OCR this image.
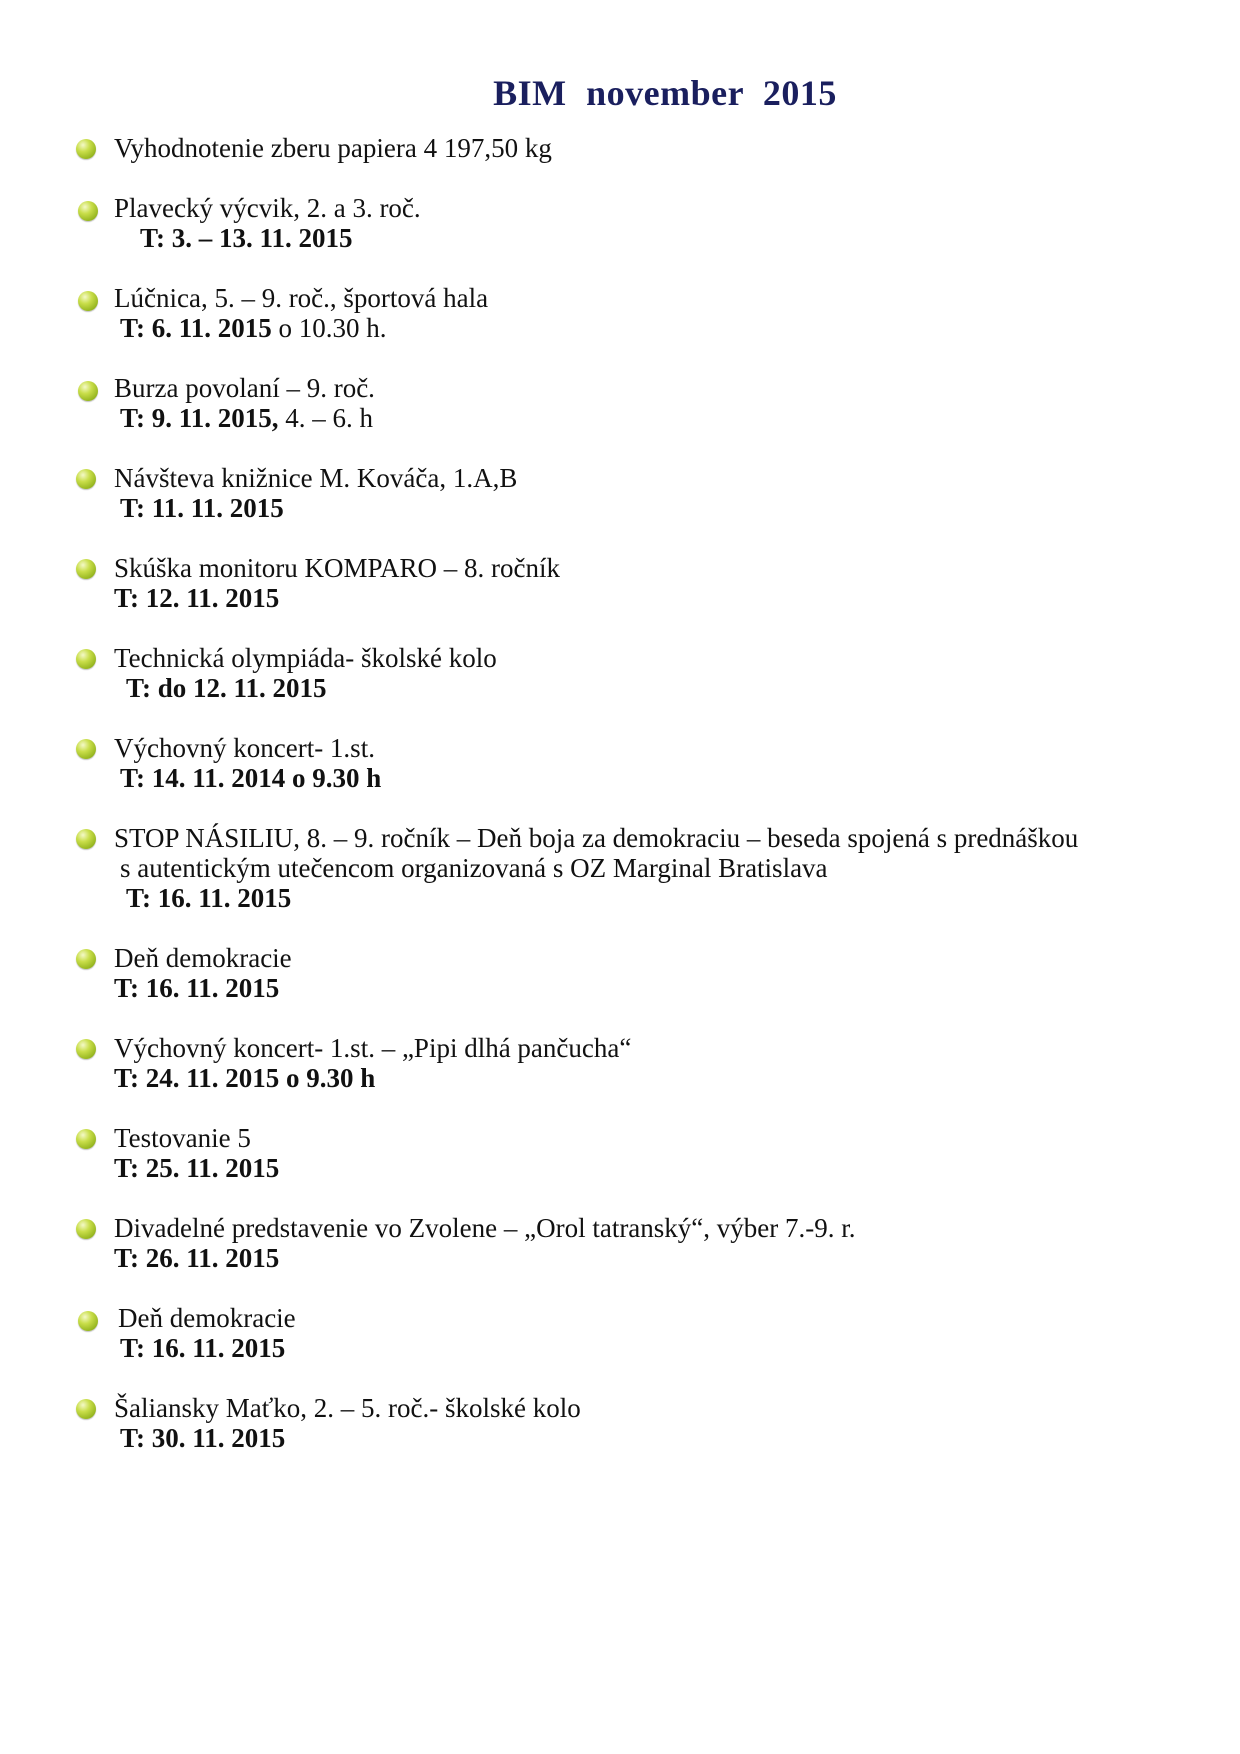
BIM november 2015
Vyhodnotenie zberu papiera 4 197,50 kg
Plavecký výcvik, 2. a 3. roč.
T: 3. – 13. 11. 2015
Lúčnica, 5. – 9. roč., športová hala
T: 6. 11. 2015 o 10.30 h.
Burza povolaní – 9. roč.
T: 9. 11. 2015, 4. – 6. h
Návšteva knižnice M. Kováča, 1.A,B
T: 11. 11. 2015
Skúška monitoru KOMPARO – 8. ročník
T: 12. 11. 2015
Technická olympiáda- školské kolo
T: do 12. 11. 2015
Výchovný koncert- 1.st.
T: 14. 11. 2014 o 9.30 h
STOP NÁSILIU, 8. – 9. ročník – Deň boja za demokraciu – beseda spojená s prednáškou
s autentickým utečencom organizovaná s OZ Marginal Bratislava
T: 16. 11. 2015
Deň demokracie
T: 16. 11. 2015
Výchovný koncert- 1.st. – „Pipi dlhá pančucha“
T: 24. 11. 2015 o 9.30 h
Testovanie 5
T: 25. 11. 2015
Divadelné predstavenie vo Zvolene – „Orol tatranský“, výber 7.-9. r.
T: 26. 11. 2015
Deň demokracie
T: 16. 11. 2015
Šaliansky Maťko, 2. – 5. roč.- školské kolo
T: 30. 11. 2015
